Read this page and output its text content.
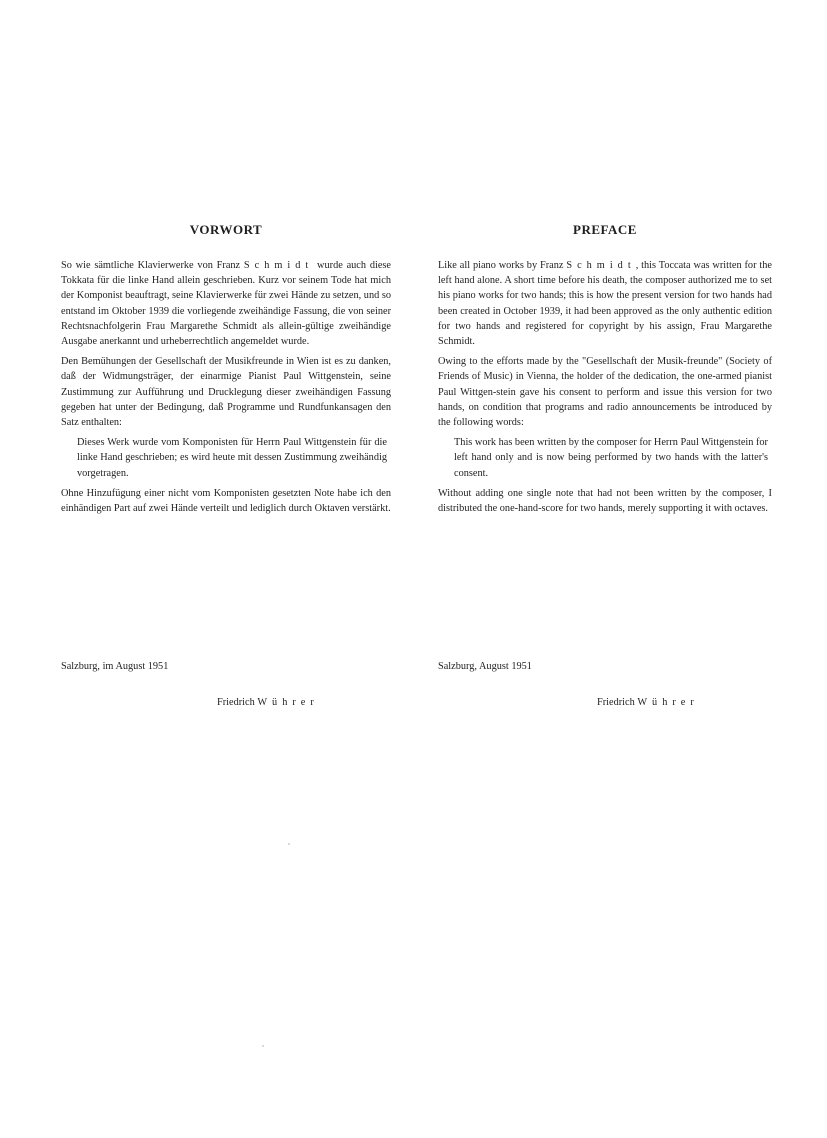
VORWORT

So wie sämtliche Klavierwerke von Franz Schmidt wurde auch diese Tokkata für die linke Hand allein geschrieben. Kurz vor seinem Tode hat mich der Komponist beauftragt, seine Klavierwerke für zwei Hände zu setzen, und so entstand im Oktober 1939 die vorliegende zweihändige Fassung, die von seiner Rechtsnachfolgerin Frau Margarethe Schmidt als allein-gültige zweihändige Ausgabe anerkannt und urheberrechtlich angemeldet wurde.

Den Bemühungen der Gesellschaft der Musikfreunde in Wien ist es zu danken, daß der Widmungsträger, der einarmige Pianist Paul Wittgenstein, seine Zustimmung zur Aufführung und Drucklegung dieser zweihändigen Fassung gegeben hat unter der Bedingung, daß Programme und Rundfunkansagen den Satz enthalten:

Dieses Werk wurde vom Komponisten für Herrn Paul Wittgenstein für die linke Hand geschrieben; es wird heute mit dessen Zustimmung zweihändig vorgetragen.

Ohne Hinzufügung einer nicht vom Komponisten gesetzten Note habe ich den einhändigen Part auf zwei Hände verteilt und lediglich durch Oktaven verstärkt.

PREFACE

Like all piano works by Franz Schmidt, this Toccata was written for the left hand alone. A short time before his death, the composer authorized me to set his piano works for two hands; this is how the present version for two hands had been created in October 1939, it had been approved as the only authentic edition for two hands and registered for copyright by his assign, Frau Margarethe Schmidt.

Owing to the efforts made by the "Gesellschaft der Musik-freunde" (Society of Friends of Music) in Vienna, the holder of the dedication, the one-armed pianist Paul Wittgen-stein gave his consent to perform and issue this version for two hands, on condition that programs and radio announcements be introduced by the following words:

This work has been written by the composer for Herrn Paul Wittgenstein for left hand only and is now being performed by two hands with the latter's consent.

Without adding one single note that had not been written by the composer, I distributed the one-hand-score for two hands, merely supporting it with octaves.

Salzburg, im August 1951	Salzburg, August 1951
Friedrich Wührer	Friedrich Wührer
